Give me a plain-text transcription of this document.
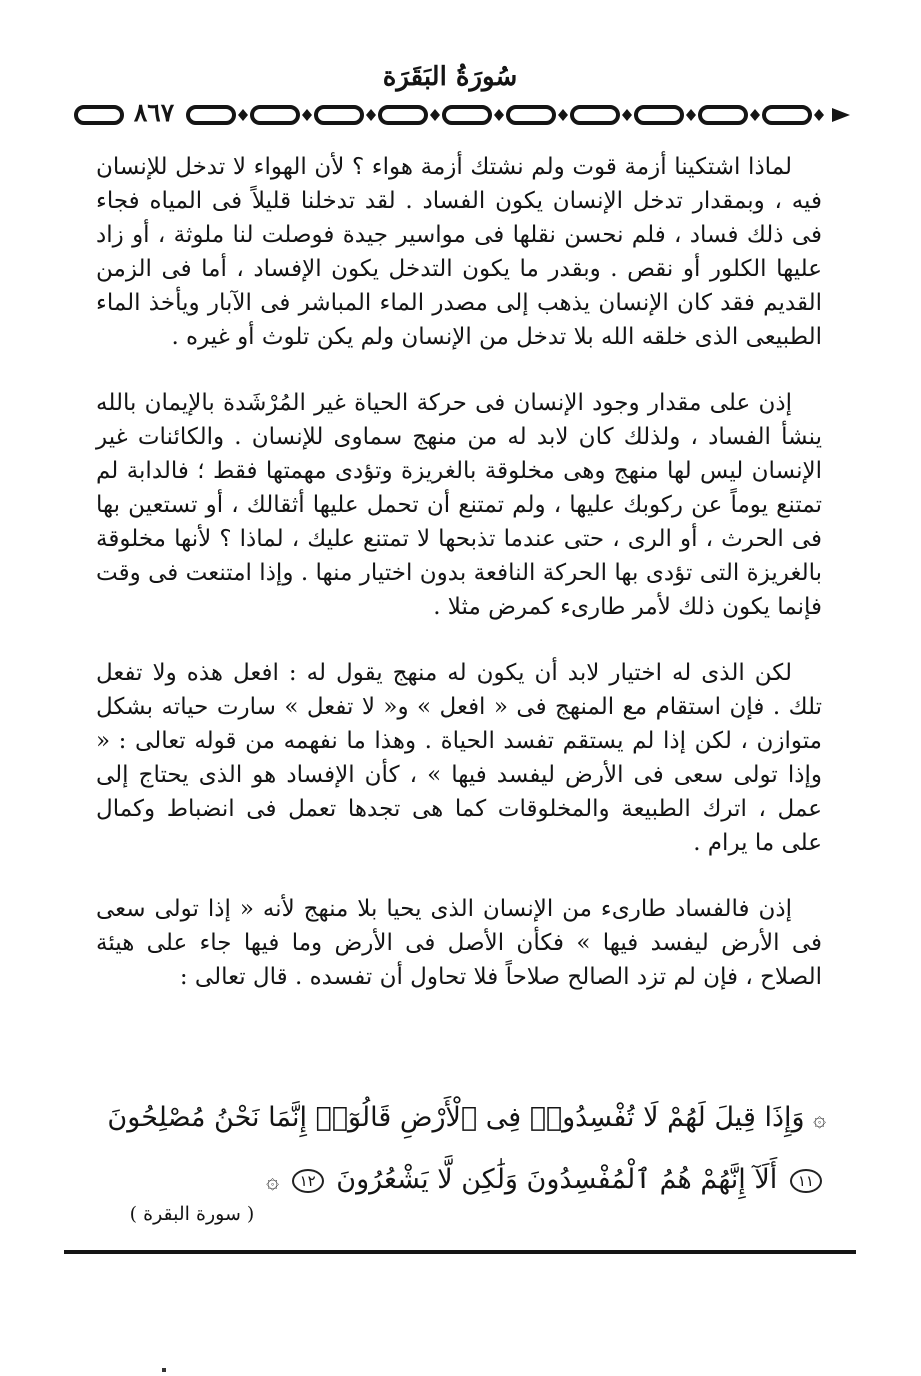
سُورَةُ البَقَرَة
٨٦٧

لماذا اشتكينا أزمة قوت ولم نشتك أزمة هواء ؟ لأن الهواء لا تدخل للإنسان فيه ، وبمقدار تدخل الإنسان يكون الفساد . لقد تدخلنا قليلاً فى المياه فجاء فى ذلك فساد ، فلم نحسن نقلها فى مواسير جيدة فوصلت لنا ملوثة ، أو زاد عليها الكلور أو نقص . وبقدر ما يكون التدخل يكون الإفساد ، أما فى الزمن القديم فقد كان الإنسان يذهب إلى مصدر الماء المباشر فى الآبار ويأخذ الماء الطبيعى الذى خلقه الله بلا تدخل من الإنسان ولم يكن تلوث أو غيره .

إذن على مقدار وجود الإنسان فى حركة الحياة غير المُرْشَدة بالإيمان بالله ينشأ الفساد ، ولذلك كان لابد له من منهج سماوى للإنسان . والكائنات غير الإنسان ليس لها منهج وهى مخلوقة بالغريزة وتؤدى مهمتها فقط ؛ فالدابة لم تمتنع يوماً عن ركوبك عليها ، ولم تمتنع أن تحمل عليها أثقالك ، أو تستعين بها فى الحرث ، أو الرى ، حتى عندما تذبحها لا تمتنع عليك ، لماذا ؟ لأنها مخلوقة بالغريزة التى تؤدى بها الحركة النافعة بدون اختيار منها . وإذا امتنعت فى وقت فإنما يكون ذلك لأمر طارىء كمرض مثلا .

لكن الذى له اختيار لابد أن يكون له منهج يقول له : افعل هذه ولا تفعل تلك . فإن استقام مع المنهج فى « افعل » و« لا تفعل » سارت حياته بشكل متوازن ، لكن إذا لم يستقم تفسد الحياة . وهذا ما نفهمه من قوله تعالى : « وإذا تولى سعى فى الأرض ليفسد فيها » ، كأن الإفساد هو الذى يحتاج إلى عمل ، اترك الطبيعة والمخلوقات كما هى تجدها تعمل فى انضباط وكمال على ما يرام .

إذن فالفساد طارىء من الإنسان الذى يحيا بلا منهج لأنه « إذا تولى سعى فى الأرض ليفسد فيها » فكأن الأصل فى الأرض وما فيها جاء على هيئة الصلاح ، فإن لم تزد الصالح صلاحاً فلا تحاول أن تفسده . قال تعالى :

۞ وَإِذَا قِيلَ لَهُمْ لَا تُفْسِدُوا۟ فِى ٱلْأَرْضِ قَالُوٓا۟ إِنَّمَا نَحْنُ مُصْلِحُونَ ١١ أَلَآ إِنَّهُمْ هُمُ ٱلْمُفْسِدُونَ وَلَٰكِن لَّا يَشْعُرُونَ ١٢ ۞
( سورة البقرة )
